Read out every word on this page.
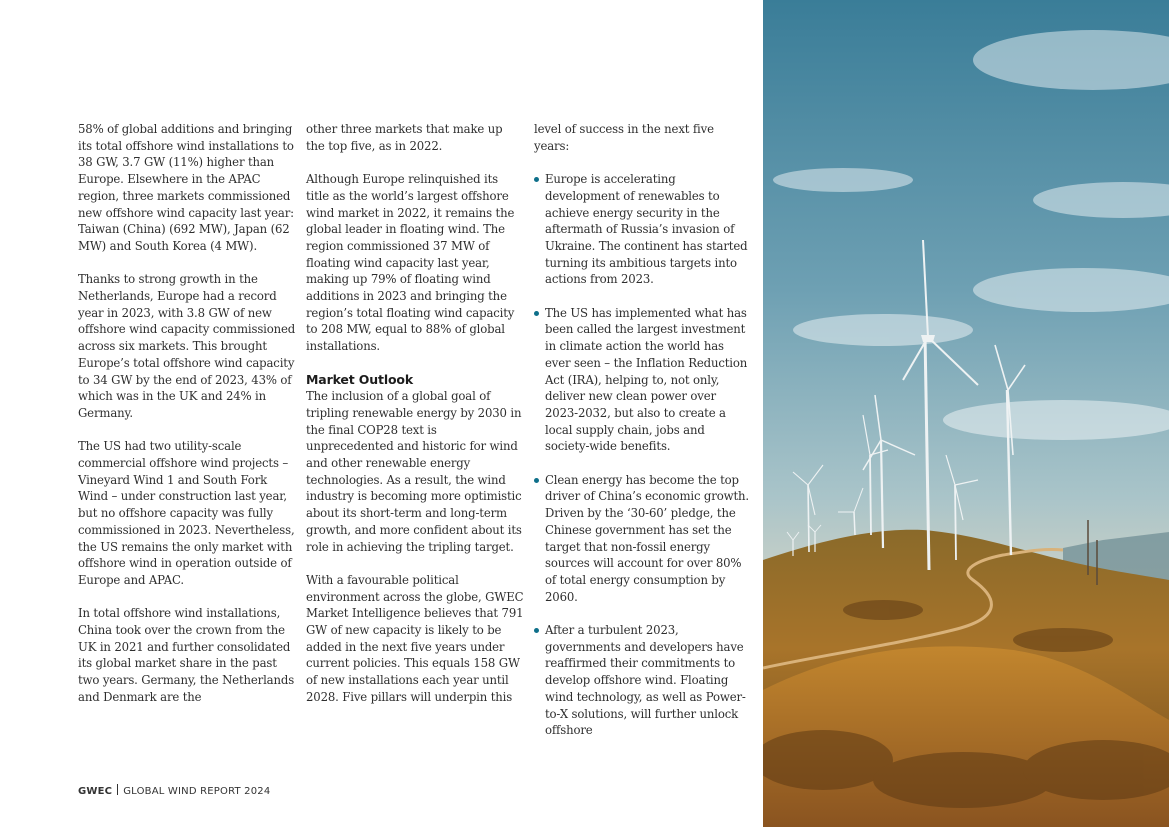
58% of global additions and bringing its total offshore wind installations to 38 GW, 3.7 GW (11%) higher than Europe. Elsewhere in the APAC region, three markets commissioned new offshore wind capacity last year: Taiwan (China) (692 MW), Japan (62 MW) and South Korea (4 MW).

Thanks to strong growth in the Netherlands, Europe had a record year in 2023, with 3.8 GW of new offshore wind capacity commissioned across six markets. This brought Europe’s total offshore wind capacity to 34 GW by the end of 2023, 43% of which was in the UK and 24% in Germany.

The US had two utility-scale commercial offshore wind projects – Vineyard Wind 1 and South Fork Wind – under construction last year, but no offshore capacity was fully commissioned in 2023. Nevertheless, the US remains the only market with offshore wind in operation outside of Europe and APAC.

In total offshore wind installations, China took over the crown from the UK in 2021 and further consolidated its global market share in the past two years. Germany, the Netherlands and Denmark are the

other three markets that make up the top five, as in 2022.

Although Europe relinquished its title as the world’s largest offshore wind market in 2022, it remains the global leader in floating wind. The region commissioned 37 MW of floating wind capacity last year, making up 79% of floating wind additions in 2023 and bringing the region’s total floating wind capacity to 208 MW, equal to 88% of global installations.

Market Outlook

The inclusion of a global goal of tripling renewable energy by 2030 in the final COP28 text is unprecedented and historic for wind and other renewable energy technologies. As a result, the wind industry is becoming more optimistic about its short-term and long-term growth, and more confident about its role in achieving the tripling target.

With a favourable political environment across the globe, GWEC Market Intelligence believes that 791 GW of new capacity is likely to be added in the next five years under current policies. This equals 158 GW of new installations each year until 2028. Five pillars will underpin this

level of success in the next five years:

Europe is accelerating development of renewables to achieve energy security in the aftermath of Russia’s invasion of Ukraine. The continent has started turning its ambitious targets into actions from 2023.
The US has implemented what has been called the largest investment in climate action the world has ever seen – the Inflation Reduction Act (IRA), helping to, not only, deliver new clean power over 2023-2032, but also to create a local supply chain, jobs and society-wide benefits.
Clean energy has become the top driver of China’s economic growth. Driven by the ‘30-60’ pledge, the Chinese government has set the target that non-fossil energy sources will account for over 80% of total energy consumption by 2060.
After a turbulent 2023, governments and developers have reaffirmed their commitments to develop offshore wind. Floating wind technology, as well as Power-to-X solutions, will further unlock offshore
GWEC GLOBAL WIND REPORT 2024
